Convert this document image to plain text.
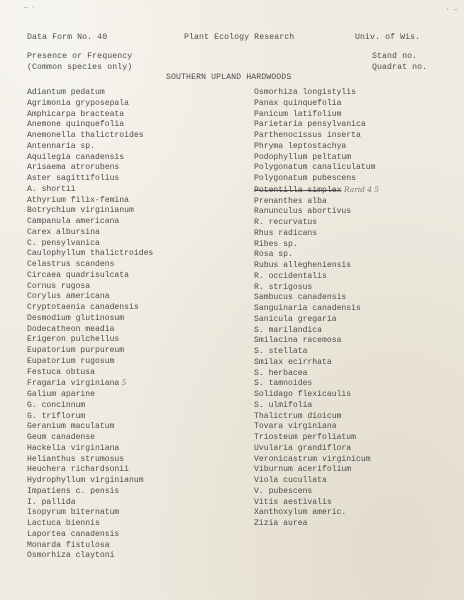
— ·	· —
Data Form No. 40	Plant Ecology Research	Univ. of Wis.
Presence or Frequency
(Common species only)
Stand no.
Quadrat no.
SOUTHERN UPLAND HARDWOODS
Adiantum pedatum
Agrimonia gryposepala
Amphicarpa bracteata
Anemone quinquefolia
Anemonella thalictroides
Antennaria sp.
Aquilegia canadensis
Arisaema atrorubens
Aster sagittifolius
A. shortii
Athyrium filix-femina
Botrychium virginianum
Campanula americana
Carex albursina
C. pensylvanica
Caulophyllum thalictroides
Celastrus scandens
Circaea quadrisulcata
Cornus rugosa
Corylus americana
Cryptotaenia canadensis
Desmodium glutinosum
Dodecatheon meadia
Erigeron pulchellus
Eupatorium purpureum
Eupatorium rugosum
Festuca obtusa
Fragaria virginiana 5
Galium aparine
G. concinnum
G. triflorum
Geranium maculatum
Geum canadense
Hackelia virginiana
Helianthus strumosus
Heuchera richardsonii
Hydrophyllum virginianum
Impatiens c. pensis
I. pallida
Isopyrum biternatum
Lactuca biennis
Laportea canadensis
Monarda fistulosa
Osmorhiza claytoni
Osmorhiza longistylis
Panax quinquefolia
Panicum latifolium
Parietaria pensylvanica
Parthenocissus inserta
Phryma leptostachya
Podophyllum peltatum
Polygonatum canaliculatum
Polygonatum pubescens
Potentilla simplex Rarid 4 5
Prenanthes alba
Ranunculus abortivus
R. recurvatus
Rhus radicans
Ribes sp.
Rosa sp.
Rubus allegheniensis
R. occidentalis
R. strigosus
Sambucus canadensis
Sanguinaria canadensis
Sanicula gregaria
S. marilandica
Smilacina racemosa
S. stellata
Smilax ecirrhata
S. herbacea
S. tamnoides
Solidago flexicaulis
S. ulmifolia
Thalictrum dioicum
Tovara virginiana
Triosteum perfoliatum
Uvularia grandiflora
Veronicastrum virginicum
Viburnum acerifolium
Viola cucullata
V. pubescens
Vitis aestivalis
Xanthoxylum americ.
Zizia aurea
